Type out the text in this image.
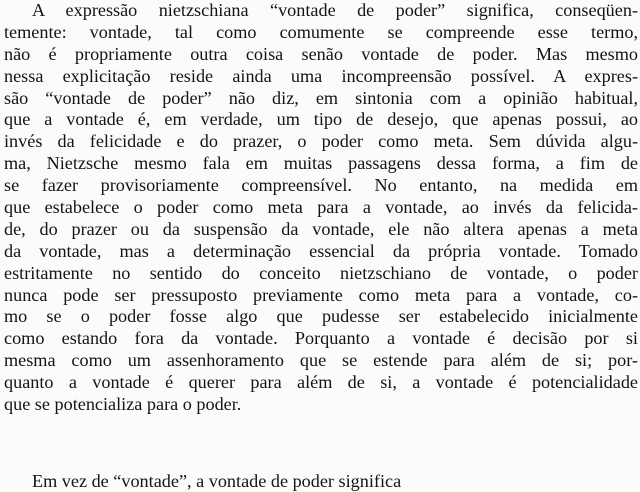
A expressão nietzschiana “vontade de poder” significa, conseqüen-
temente: vontade, tal como comumente se compreende esse termo,
não é propriamente outra coisa senão vontade de poder. Mas mesmo
nessa explicitação reside ainda uma incompreensão possível. A expres-
são “vontade de poder” não diz, em sintonia com a opinião habitual,
que a vontade é, em verdade, um tipo de desejo, que apenas possui, ao
invés da felicidade e do prazer, o poder como meta. Sem dúvida algu-
ma, Nietzsche mesmo fala em muitas passagens dessa forma, a fim de
se fazer provisoriamente compreensível. No entanto, na medida em
que estabelece o poder como meta para a vontade, ao invés da felicida-
de, do prazer ou da suspensão da vontade, ele não altera apenas a meta
da vontade, mas a determinação essencial da própria vontade. Tomado
estritamente no sentido do conceito nietzschiano de vontade, o poder
nunca pode ser pressuposto previamente como meta para a vontade, co-
mo se o poder fosse algo que pudesse ser estabelecido inicialmente
como estando fora da vontade. Porquanto a vontade é decisão por si
mesma como um assenhoramento que se estende para além de si; por-
quanto a vontade é querer para além de si, a vontade é potencialidade
que se potencializa para o poder.
Em vez de “vontade”, a vontade de poder significa
